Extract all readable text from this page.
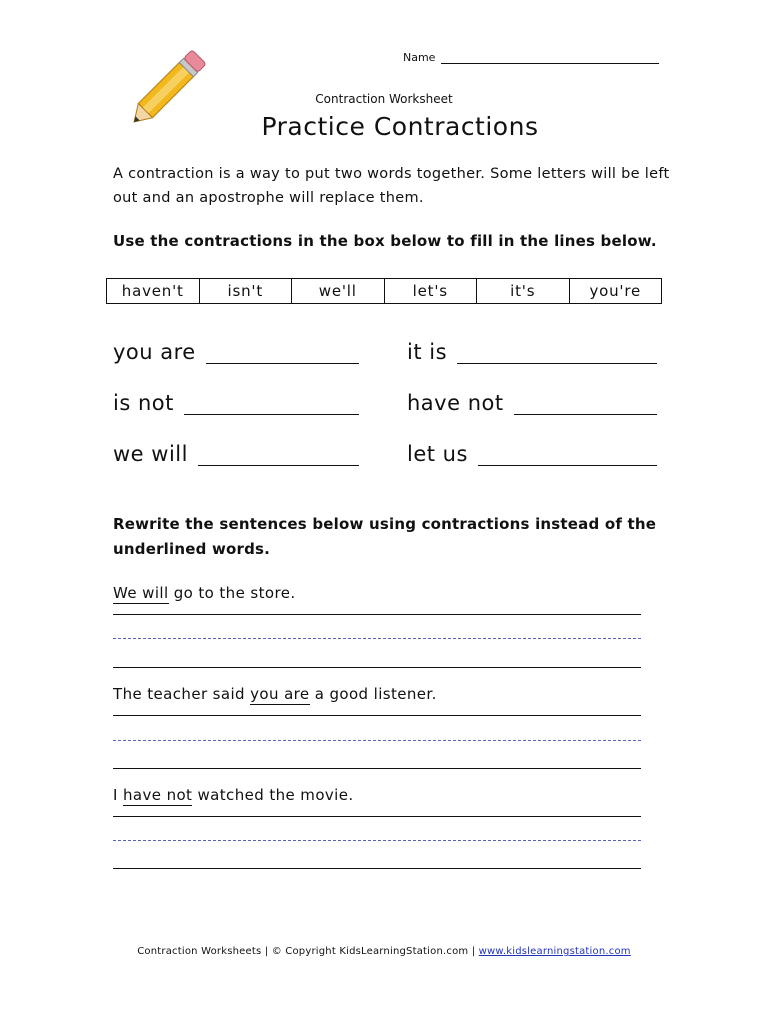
Name
Contraction Worksheet
Practice Contractions
A contraction is a way to put two words together. Some letters will be left out and an apostrophe will replace them.
Use the contractions in the box below to fill in the lines below.
haven't	isn't	we'll	let's	it's	you're
you are	it is
is not	have not
we will	let us
Rewrite the sentences below using contractions instead of the underlined words.
We will go to the store.
The teacher said you are a good listener.
I have not watched the movie.
Contraction Worksheets | © Copyright KidsLearningStation.com | www.kidslearningstation.com
